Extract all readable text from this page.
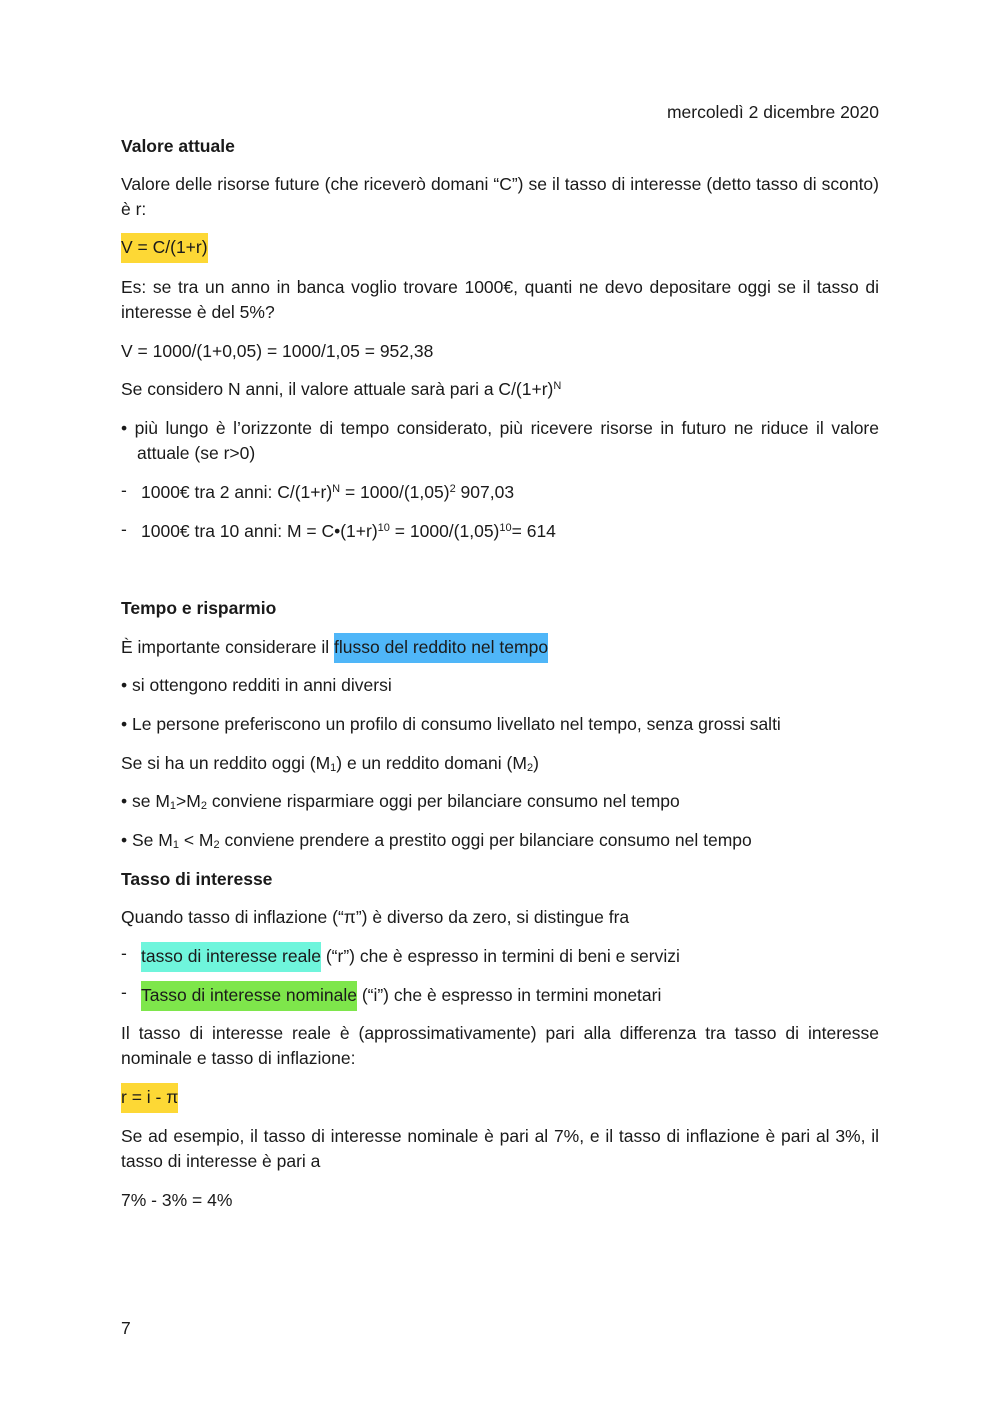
mercoledì 2 dicembre 2020
Valore attuale
Valore delle risorse future (che riceverò domani “C”) se il tasso di interesse (detto tasso di sconto) è r:
V = C/(1+r)
Es: se tra un anno in banca voglio trovare 1000€, quanti ne devo depositare oggi se il tasso di interesse è del 5%?
V = 1000/(1+0,05) = 1000/1,05 = 952,38
Se considero N anni, il valore attuale sarà pari a $C/(1+r)^N$
• più lungo è l’orizzonte di tempo considerato, più ricevere risorse in futuro ne riduce il valore attuale (se r>0)
- 1000€ tra 2 anni: $C/(1+r)^N = 1000/(1,05)^2$ 907,03
- 1000€ tra 10 anni: $M = C•(1+r)^{10} = 1000/(1,05)^{10}= 614$
Tempo e risparmio
È importante considerare il flusso del reddito nel tempo
• si ottengono redditi in anni diversi
• Le persone preferiscono un profilo di consumo livellato nel tempo, senza grossi salti
Se si ha un reddito oggi $(M_1)$ e un reddito domani $(M_2)$
• se $M_1>M_2$ conviene risparmiare oggi per bilanciare consumo nel tempo
• Se $M_1 < M_2$ conviene prendere a prestito oggi per bilanciare consumo nel tempo
Tasso di interesse
Quando tasso di inflazione (“π”) è diverso da zero, si distingue fra
- tasso di interesse reale (“r”) che è espresso in termini di beni e servizi
- Tasso di interesse nominale (“i”) che è espresso in termini monetari
Il tasso di interesse reale è (approssimativamente) pari alla differenza tra tasso di interesse nominale e tasso di inflazione:
r = i - π
Se ad esempio, il tasso di interesse nominale è pari al 7%, e il tasso di inflazione è pari al 3%, il tasso di interesse è pari a
7% - 3% = 4%
7
